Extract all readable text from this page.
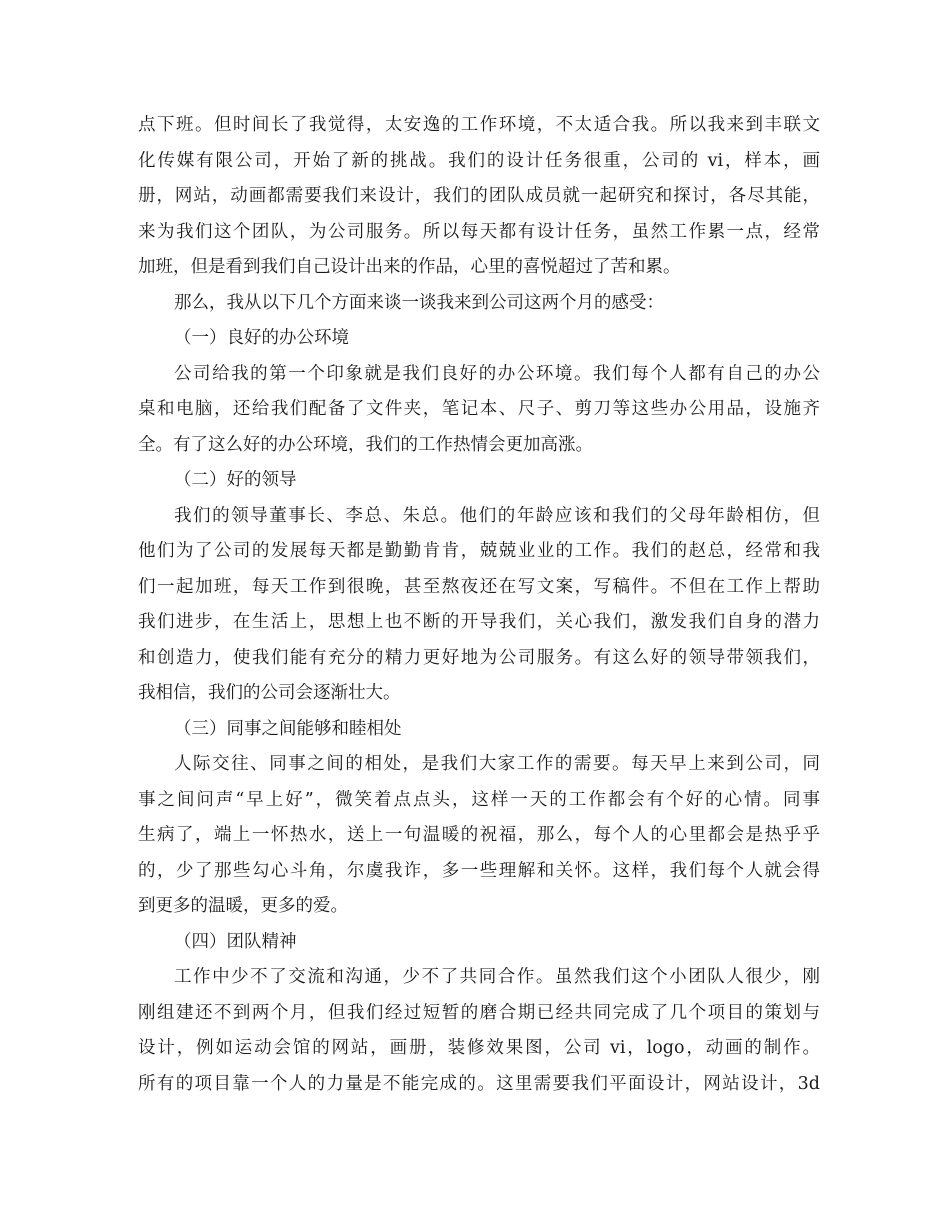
点下班。但时间长了我觉得，太安逸的工作环境，不太适合我。所以我来到丰联文
化传媒有限公司，开始了新的挑战。我们的设计任务很重，公司的 vi，样本，画
册，网站，动画都需要我们来设计，我们的团队成员就一起研究和探讨，各尽其能，
来为我们这个团队，为公司服务。所以每天都有设计任务，虽然工作累一点，经常
加班，但是看到我们自己设计出来的作品，心里的喜悦超过了苦和累。
那么，我从以下几个方面来谈一谈我来到公司这两个月的感受：
（一）良好的办公环境
公司给我的第一个印象就是我们良好的办公环境。我们每个人都有自己的办公
桌和电脑，还给我们配备了文件夹，笔记本、尺子、剪刀等这些办公用品，设施齐
全。有了这么好的办公环境，我们的工作热情会更加高涨。
（二）好的领导
我们的领导董事长、李总、朱总。他们的年龄应该和我们的父母年龄相仿，但
他们为了公司的发展每天都是勤勤肯肯，兢兢业业的工作。我们的赵总，经常和我
们一起加班，每天工作到很晚，甚至熬夜还在写文案，写稿件。不但在工作上帮助
我们进步，在生活上，思想上也不断的开导我们，关心我们，激发我们自身的潜力
和创造力，使我们能有充分的精力更好地为公司服务。有这么好的领导带领我们，
我相信，我们的公司会逐渐壮大。
（三）同事之间能够和睦相处
人际交往、同事之间的相处，是我们大家工作的需要。每天早上来到公司，同
事之间问声“早上好”，微笑着点点头，这样一天的工作都会有个好的心情。同事
生病了，端上一怀热水，送上一句温暖的祝福，那么，每个人的心里都会是热乎乎
的，少了那些勾心斗角，尔虞我诈，多一些理解和关怀。这样，我们每个人就会得
到更多的温暖，更多的爱。
（四）团队精神
工作中少不了交流和沟通，少不了共同合作。虽然我们这个小团队人很少，刚
刚组建还不到两个月，但我们经过短暂的磨合期已经共同完成了几个项目的策划与
设计，例如运动会馆的网站，画册，装修效果图，公司 vi，logo，动画的制作。
所有的项目靠一个人的力量是不能完成的。这里需要我们平面设计，网站设计，3d
